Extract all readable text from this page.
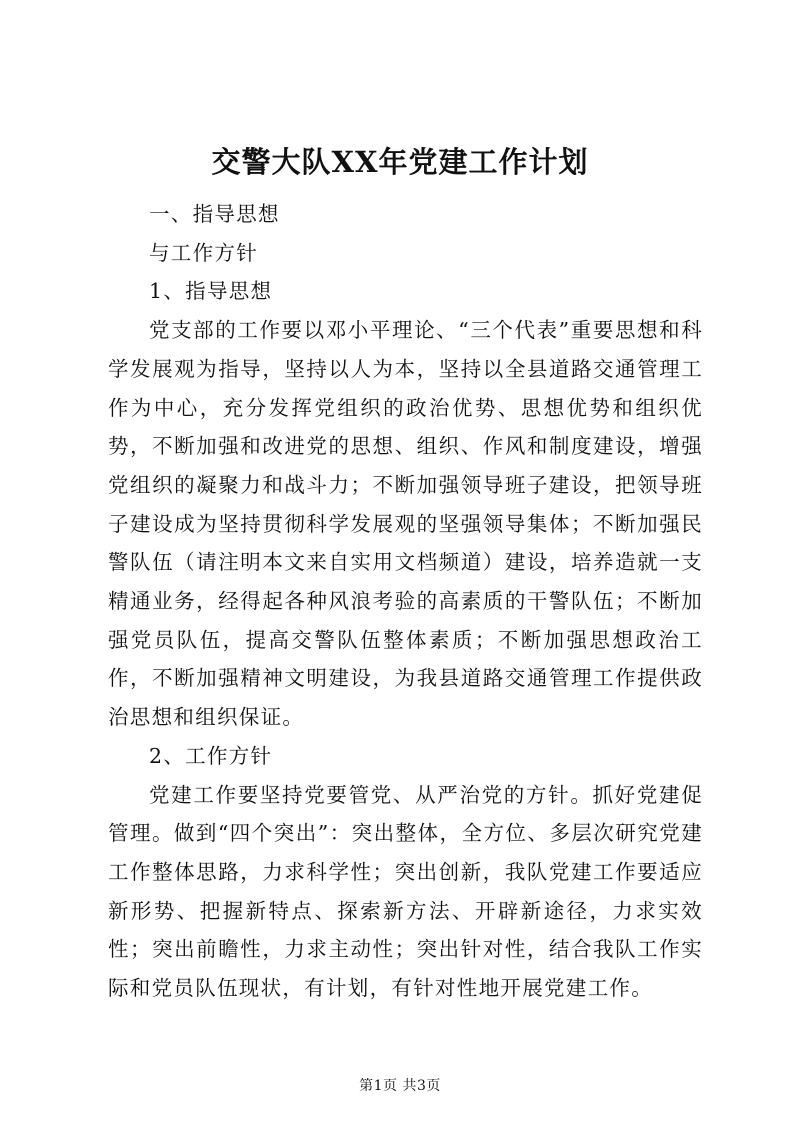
交警大队XX年党建工作计划

一、指导思想

与工作方针

1、指导思想

党支部的工作要以邓小平理论、“三个代表”重要思想和科学发展观为指导，坚持以人为本，坚持以全县道路交通管理工作为中心，充分发挥党组织的政治优势、思想优势和组织优势，不断加强和改进党的思想、组织、作风和制度建设，增强党组织的凝聚力和战斗力；不断加强领导班子建设，把领导班子建设成为坚持贯彻科学发展观的坚强领导集体；不断加强民警队伍（请注明本文来自实用文档频道）建设，培养造就一支精通业务，经得起各种风浪考验的高素质的干警队伍；不断加强党员队伍，提高交警队伍整体素质；不断加强思想政治工作，不断加强精神文明建设，为我县道路交通管理工作提供政治思想和组织保证。

2、工作方针

党建工作要坚持党要管党、从严治党的方针。抓好党建促管理。做到“四个突出”：突出整体，全方位、多层次研究党建工作整体思路，力求科学性；突出创新，我队党建工作要适应新形势、把握新特点、探索新方法、开辟新途径，力求实效性；突出前瞻性，力求主动性；突出针对性，结合我队工作实际和党员队伍现状，有计划，有针对性地开展党建工作。

第1页 共3页
